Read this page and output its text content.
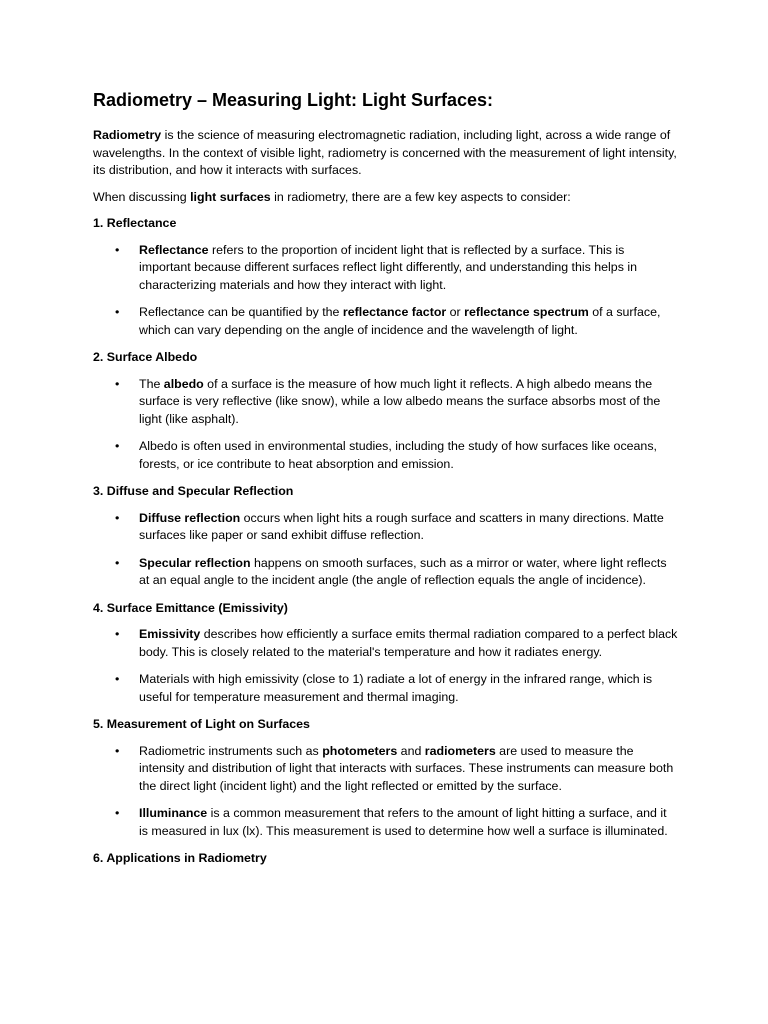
Radiometry – Measuring Light: Light Surfaces:

Radiometry is the science of measuring electromagnetic radiation, including light, across a wide range of wavelengths. In the context of visible light, radiometry is concerned with the measurement of light intensity, its distribution, and how it interacts with surfaces.

When discussing light surfaces in radiometry, there are a few key aspects to consider:

1. Reflectance

• Reflectance refers to the proportion of incident light that is reflected by a surface. This is important because different surfaces reflect light differently, and understanding this helps in characterizing materials and how they interact with light.
• Reflectance can be quantified by the reflectance factor or reflectance spectrum of a surface, which can vary depending on the angle of incidence and the wavelength of light.

2. Surface Albedo

• The albedo of a surface is the measure of how much light it reflects. A high albedo means the surface is very reflective (like snow), while a low albedo means the surface absorbs most of the light (like asphalt).
• Albedo is often used in environmental studies, including the study of how surfaces like oceans, forests, or ice contribute to heat absorption and emission.

3. Diffuse and Specular Reflection

• Diffuse reflection occurs when light hits a rough surface and scatters in many directions. Matte surfaces like paper or sand exhibit diffuse reflection.
• Specular reflection happens on smooth surfaces, such as a mirror or water, where light reflects at an equal angle to the incident angle (the angle of reflection equals the angle of incidence).

4. Surface Emittance (Emissivity)

• Emissivity describes how efficiently a surface emits thermal radiation compared to a perfect black body. This is closely related to the material's temperature and how it radiates energy.
• Materials with high emissivity (close to 1) radiate a lot of energy in the infrared range, which is useful for temperature measurement and thermal imaging.

5. Measurement of Light on Surfaces

• Radiometric instruments such as photometers and radiometers are used to measure the intensity and distribution of light that interacts with surfaces. These instruments can measure both the direct light (incident light) and the light reflected or emitted by the surface.
• Illuminance is a common measurement that refers to the amount of light hitting a surface, and it is measured in lux (lx). This measurement is used to determine how well a surface is illuminated.

6. Applications in Radiometry
